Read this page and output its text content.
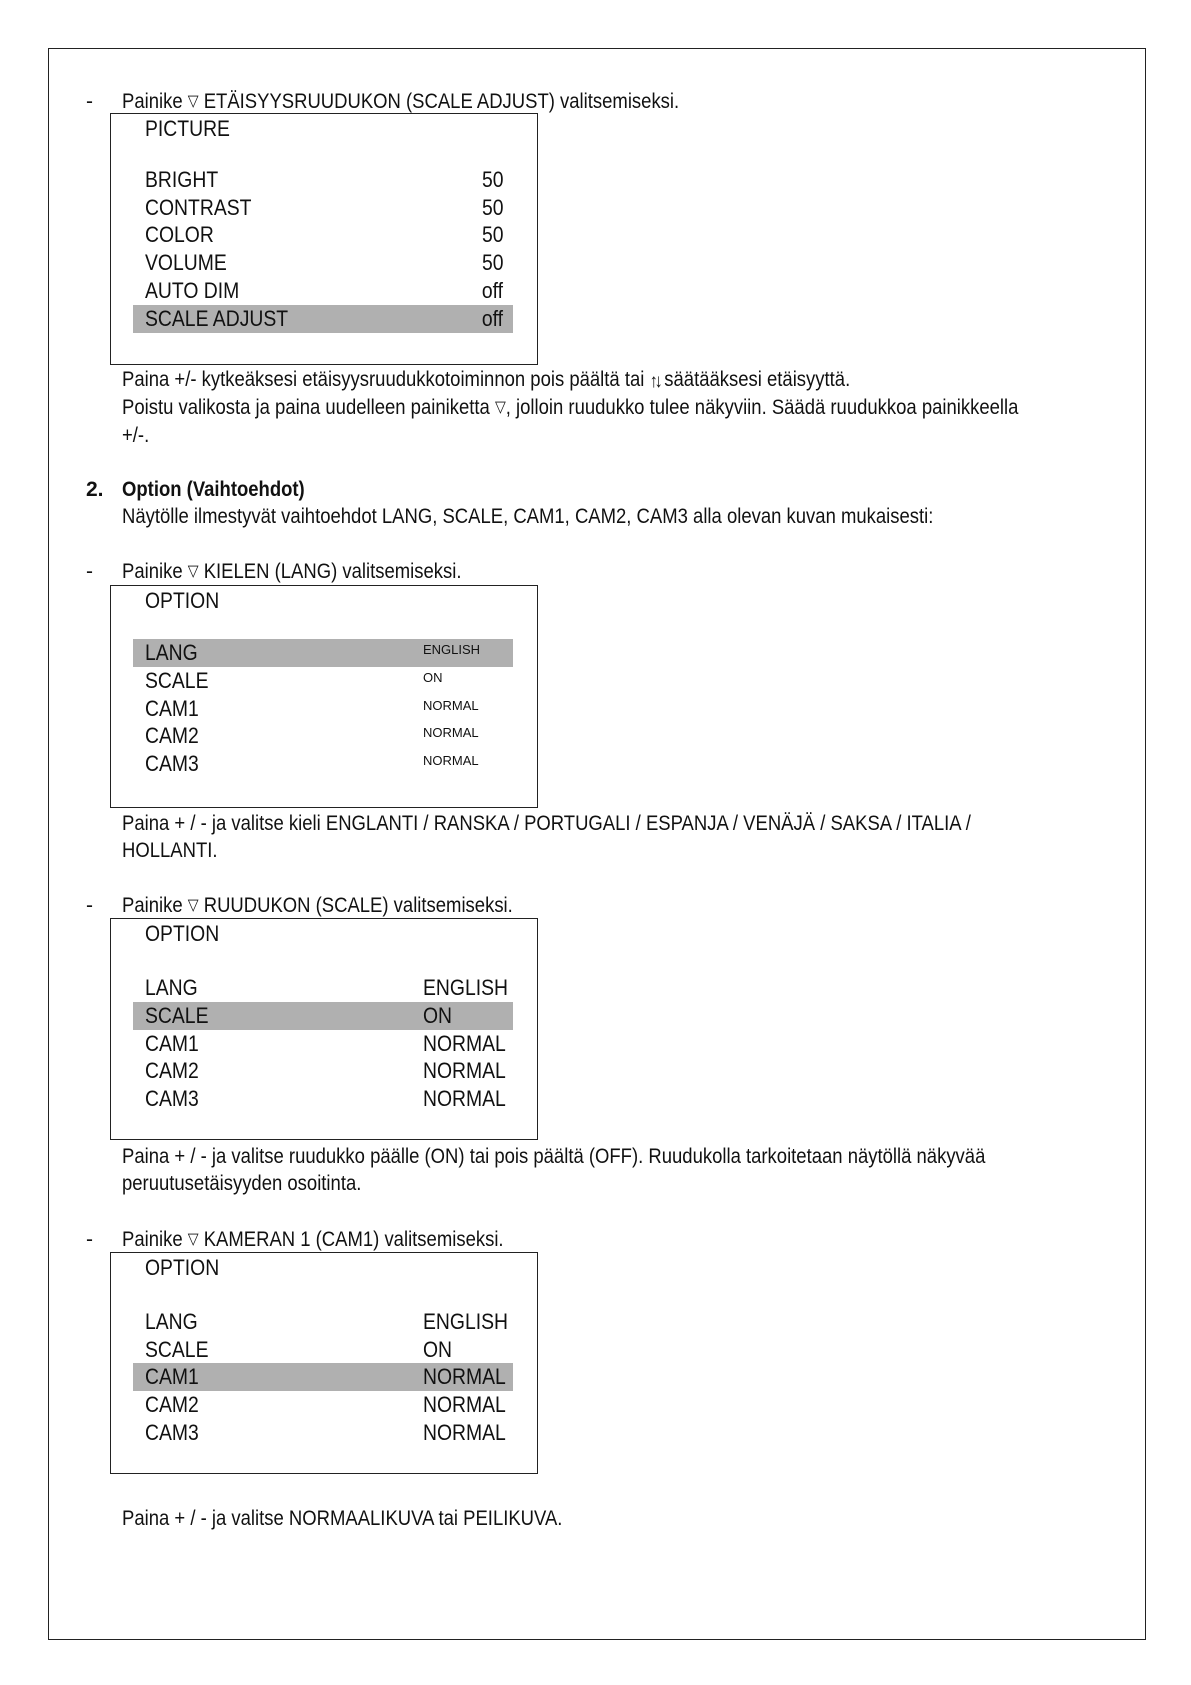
- Painike ▽ ETÄISYYSRUUDUKON (SCALE ADJUST) valitsemiseksi.
PICTURE
BRIGHT	50
CONTRAST	50
COLOR	50
VOLUME	50
AUTO DIM	off
SCALE ADJUST	off
Paina +/- kytkeäksesi etäisyysruudukkotoiminnon pois päältä tai ↑↓ säätääksesi etäisyyttä.
Poistu valikosta ja paina uudelleen painiketta ▽, jolloin ruudukko tulee näkyviin. Säädä ruudukkoa painikkeella
+/-.
2. Option (Vaihtoehdot)
Näytölle ilmestyvät vaihtoehdot LANG, SCALE, CAM1, CAM2, CAM3 alla olevan kuvan mukaisesti:
- Painike ▽ KIELEN (LANG) valitsemiseksi.
OPTION
LANG	ENGLISH
SCALE	ON
CAM1	NORMAL
CAM2	NORMAL
CAM3	NORMAL
Paina + / - ja valitse kieli ENGLANTI / RANSKA / PORTUGALI / ESPANJA / VENÄJÄ / SAKSA / ITALIA /
HOLLANTI.
- Painike ▽ RUUDUKON (SCALE) valitsemiseksi.
OPTION
LANG	ENGLISH
SCALE	ON
CAM1	NORMAL
CAM2	NORMAL
CAM3	NORMAL
Paina + / - ja valitse ruudukko päälle (ON) tai pois päältä (OFF). Ruudukolla tarkoitetaan näytöllä näkyvää
peruutusetäisyyden osoitinta.
- Painike ▽ KAMERAN 1 (CAM1) valitsemiseksi.
OPTION
LANG	ENGLISH
SCALE	ON
CAM1	NORMAL
CAM2	NORMAL
CAM3	NORMAL
Paina + / - ja valitse NORMAALIKUVA tai PEILIKUVA.
